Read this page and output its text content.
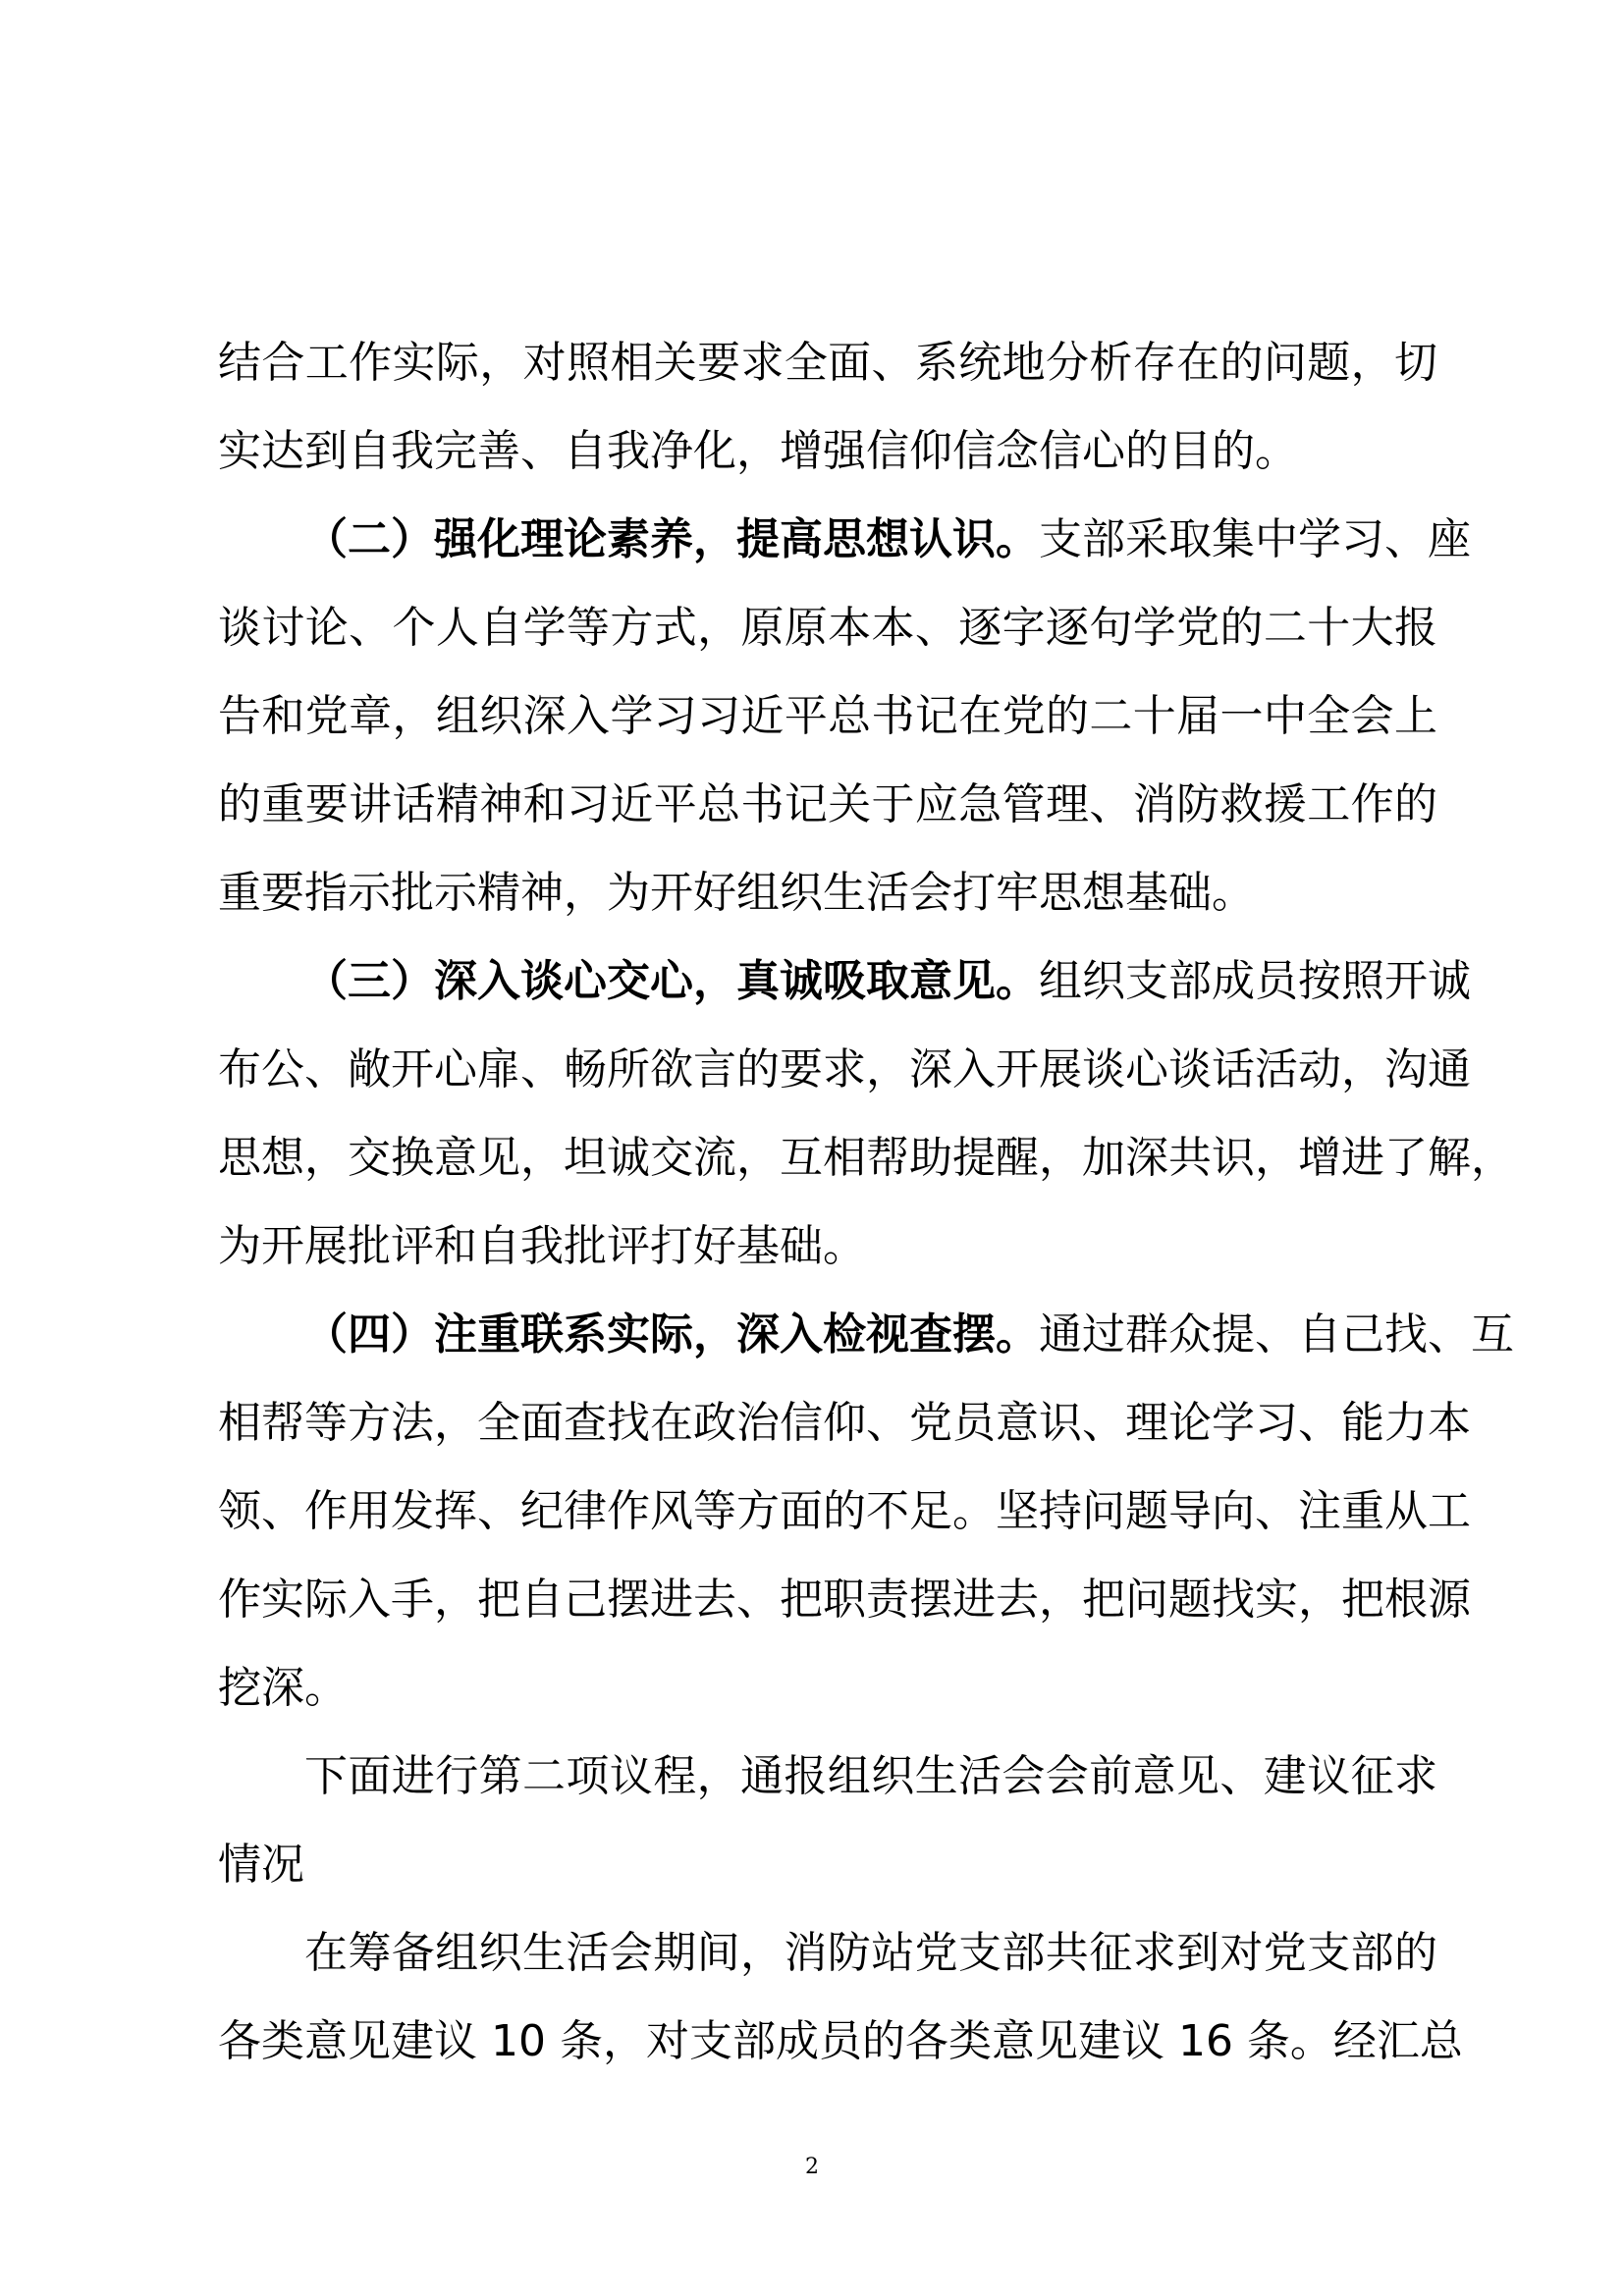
结合工作实际，对照相关要求全面、系统地分析存在的问题，切
实达到自我完善、自我净化，增强信仰信念信心的目的。
（二）强化理论素养，提高思想认识。支部采取集中学习、座
谈讨论、个人自学等方式，原原本本、逐字逐句学党的二十大报
告和党章，组织深入学习习近平总书记在党的二十届一中全会上
的重要讲话精神和习近平总书记关于应急管理、消防救援工作的
重要指示批示精神，为开好组织生活会打牢思想基础。
（三）深入谈心交心，真诚吸取意见。组织支部成员按照开诚
布公、敞开心扉、畅所欲言的要求，深入开展谈心谈话活动，沟通
思想，交换意见，坦诚交流，互相帮助提醒，加深共识，增进了解，
为开展批评和自我批评打好基础。
（四）注重联系实际，深入检视查摆。通过群众提、自己找、互
相帮等方法，全面查找在政治信仰、党员意识、理论学习、能力本
领、作用发挥、纪律作风等方面的不足。坚持问题导向、注重从工
作实际入手，把自己摆进去、把职责摆进去，把问题找实，把根源
挖深。
下面进行第二项议程，通报组织生活会会前意见、建议征求
情况
在筹备组织生活会期间，消防站党支部共征求到对党支部的
各类意见建议 10 条，对支部成员的各类意见建议 16 条。经汇总
2
